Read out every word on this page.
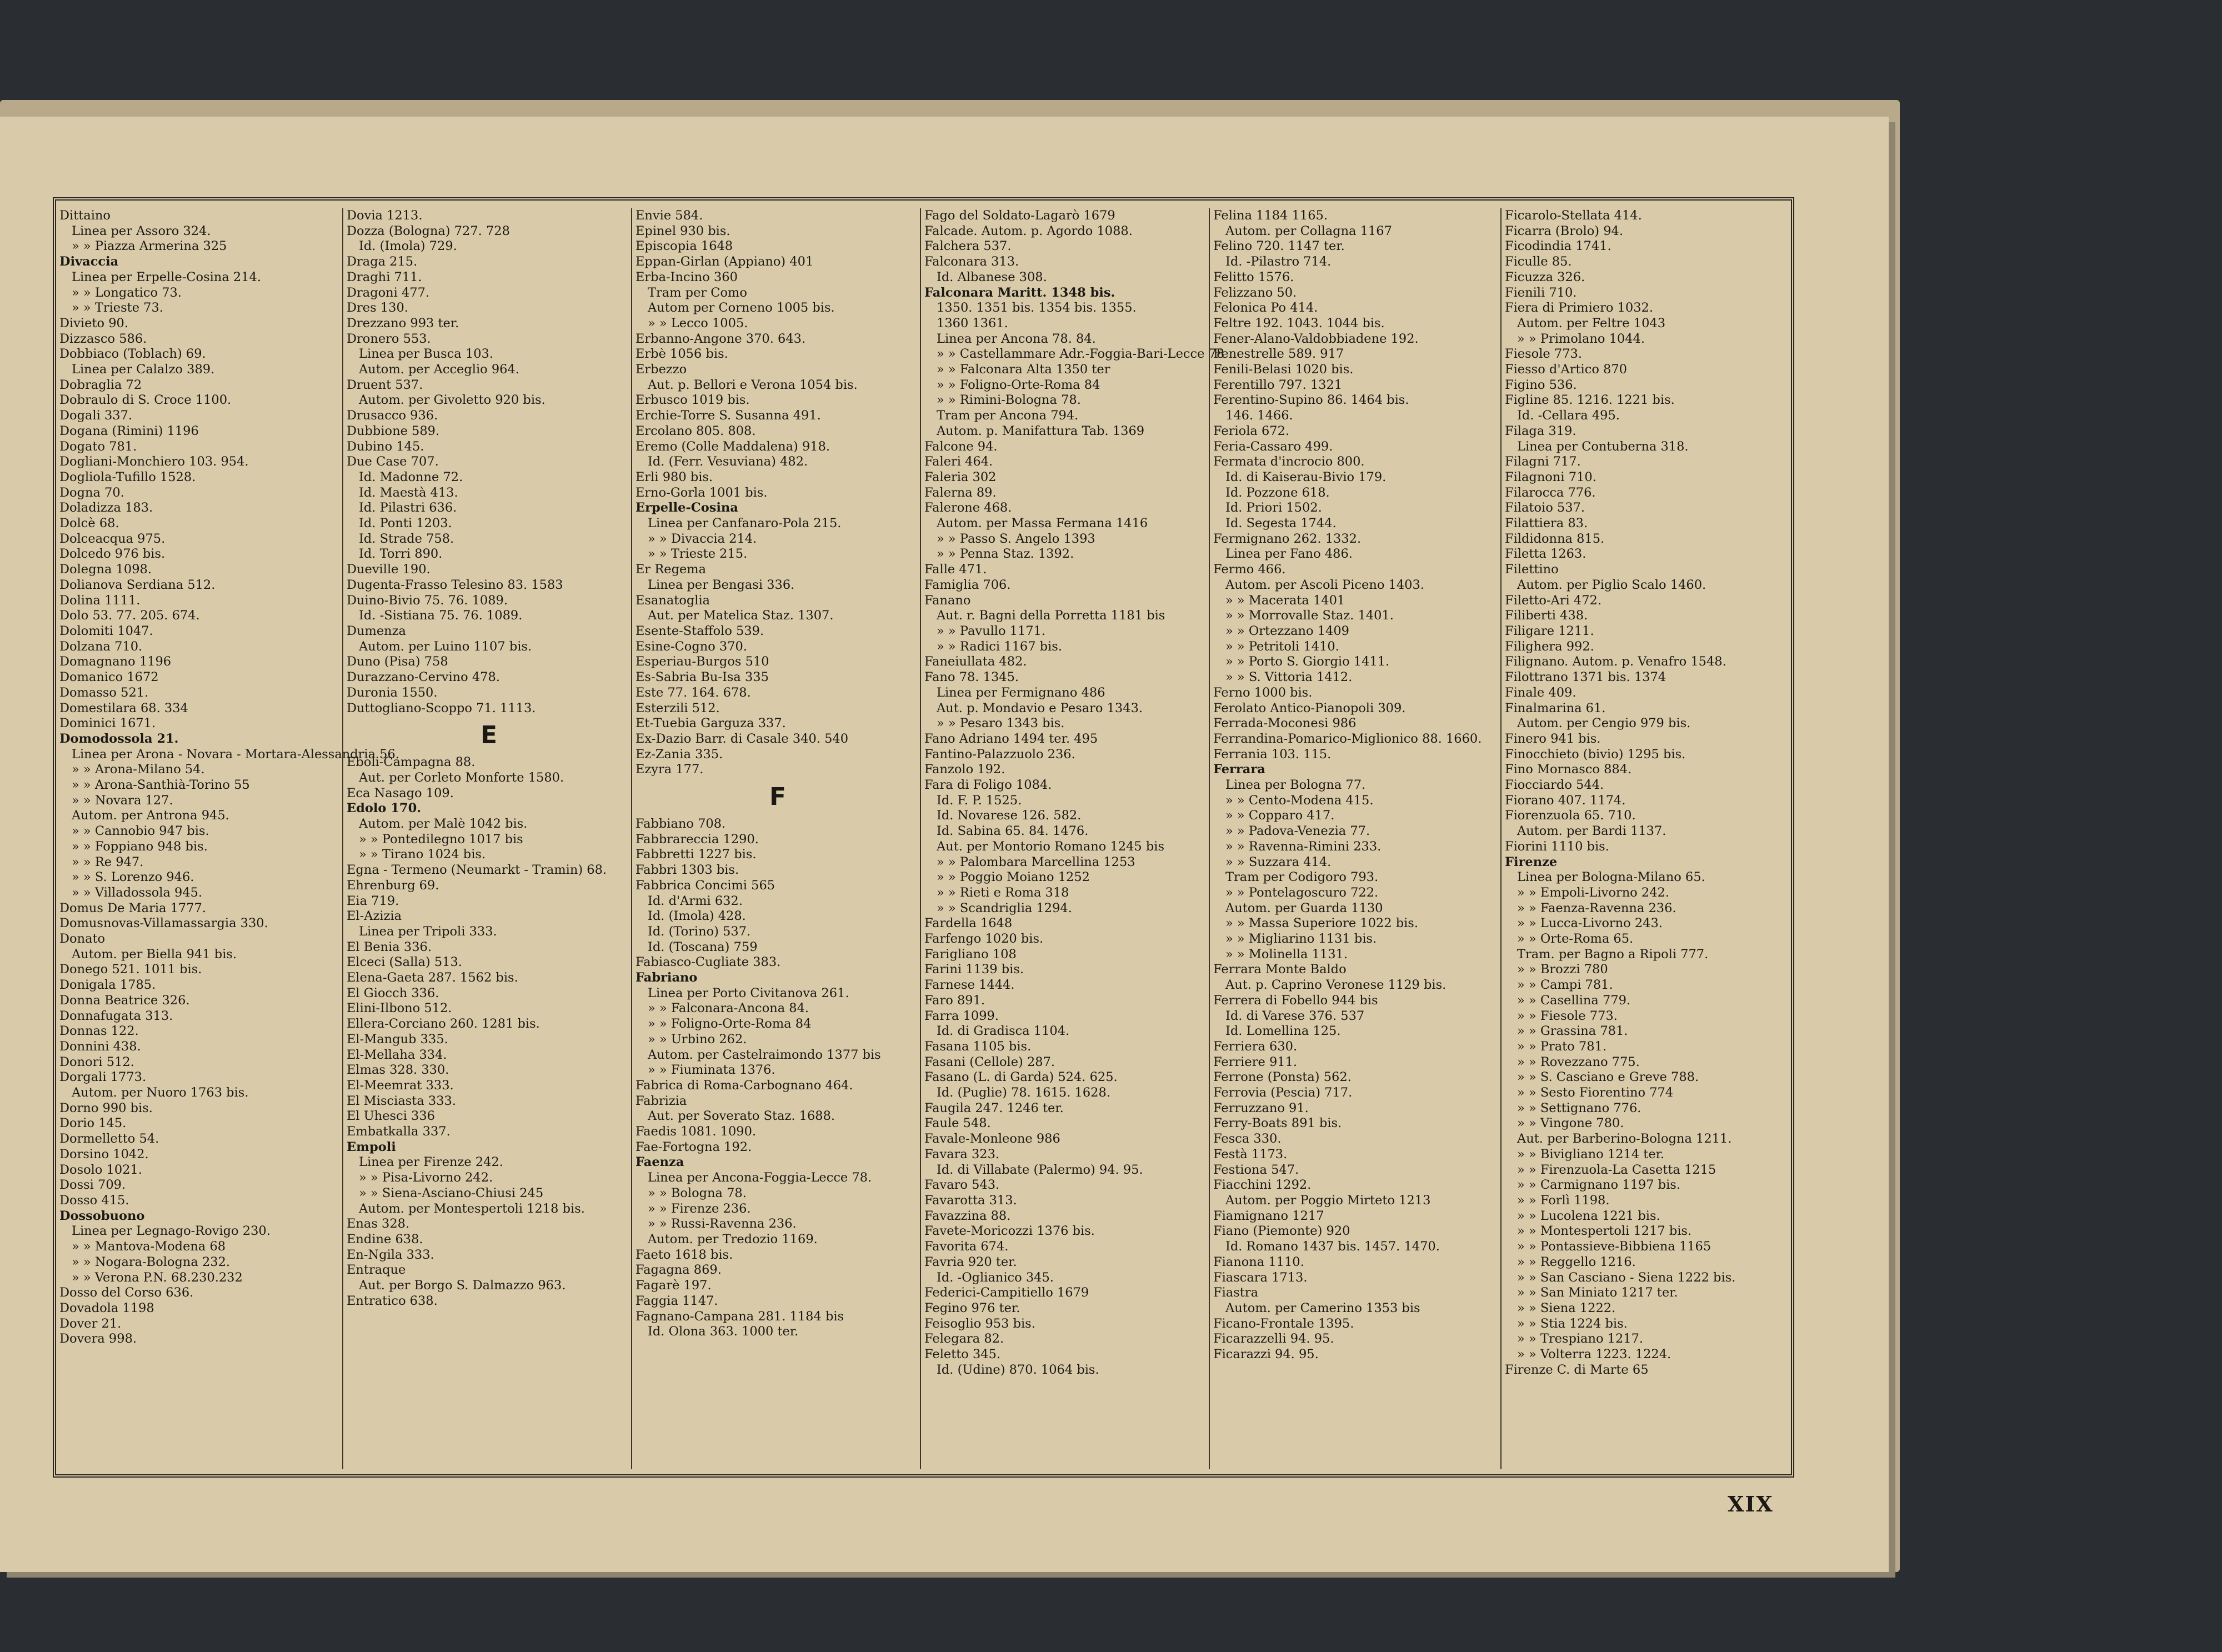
Dittaino
Linea per Assoro 324.
» » Piazza Armerina 325
Divaccia
Linea per Erpelle-Cosina 214.
» » Longatico 73.
» » Trieste 73.
Divieto 90.
Dizzasco 586.
Dobbiaco (Toblach) 69.
Linea per Calalzo 389.
Dobraglia 72
Dobraulo di S. Croce 1100.
Dogali 337.
Dogana (Rimini) 1196
Dogato 781.
Dogliani-Monchiero 103. 954.
Dogliola-Tufillo 1528.
Dogna 70.
Doladizza 183.
Dolcè 68.
Dolceacqua 975.
Dolcedo 976 bis.
Dolegna 1098.
Dolianova Serdiana 512.
Dolina 1111.
Dolo 53. 77. 205. 674.
Dolomiti 1047.
Dolzana 710.
Domagnano 1196
Domanico 1672
Domasso 521.
Domestilara 68. 334
Dominici 1671.
Domodossola 21.
Linea per Arona - Novara - Mortara-Alessandria 56.
» » Arona-Milano 54.
» » Arona-Santhià-Torino 55
» » Novara 127.
Autom. per Antrona 945.
» » Cannobio 947 bis.
» » Foppiano 948 bis.
» » Re 947.
» » S. Lorenzo 946.
» » Villadossola 945.
Domus De Maria 1777.
Domusnovas-Villamassargia 330.
Donato
Autom. per Biella 941 bis.
Donego 521. 1011 bis.
Donigala 1785.
Donna Beatrice 326.
Donnafugata 313.
Donnas 122.
Donnini 438.
Donori 512.
Dorgali 1773.
Autom. per Nuoro 1763 bis.
Dorno 990 bis.
Dorio 145.
Dormelletto 54.
Dorsino 1042.
Dosolo 1021.
Dossi 709.
Dosso 415.
Dossobuono
Linea per Legnago-Rovigo 230.
» » Mantova-Modena 68
» » Nogara-Bologna 232.
» » Verona P.N. 68.230.232
Dosso del Corso 636.
Dovadola 1198
Dover 21.
Dovera 998.
Dovia 1213.
Dozza (Bologna) 727. 728
Id. (Imola) 729.
Draga 215.
Draghi 711.
Dragoni 477.
Dres 130.
Drezzano 993 ter.
Dronero 553.
Linea per Busca 103.
Autom. per Acceglio 964.
Druent 537.
Autom. per Givoletto 920 bis.
Drusacco 936.
Dubbione 589.
Dubino 145.
Due Case 707.
Id. Madonne 72.
Id. Maestà 413.
Id. Pilastri 636.
Id. Ponti 1203.
Id. Strade 758.
Id. Torri 890.
Dueville 190.
Dugenta-Frasso Telesino 83. 1583
Duino-Bivio 75. 76. 1089.
Id. -Sistiana 75. 76. 1089.
Dumenza
Autom. per Luino 1107 bis.
Duno (Pisa) 758
Durazzano-Cervino 478.
Duronia 1550.
Duttogliano-Scoppo 71. 1113.
E
Eboli-Campagna 88.
Aut. per Corleto Monforte 1580.
Eca Nasago 109.
Edolo 170.
Autom. per Malè 1042 bis.
» » Pontedilegno 1017 bis
» » Tirano 1024 bis.
Egna - Termeno (Neumarkt - Tramin) 68.
Ehrenburg 69.
Eia 719.
El-Azizia
Linea per Tripoli 333.
El Benia 336.
Elceci (Salla) 513.
Elena-Gaeta 287. 1562 bis.
El Giocch 336.
Elini-Ilbono 512.
Ellera-Corciano 260. 1281 bis.
El-Mangub 335.
El-Mellaha 334.
Elmas 328. 330.
El-Meemrat 333.
El Misciasta 333.
El Uhesci 336
Embatkalla 337.
Empoli
Linea per Firenze 242.
» » Pisa-Livorno 242.
» » Siena-Asciano-Chiusi 245
Autom. per Montespertoli 1218 bis.
Enas 328.
Endine 638.
En-Ngila 333.
Entraque
Aut. per Borgo S. Dalmazzo 963.
Entratico 638.
Envie 584.
Epinel 930 bis.
Episcopia 1648
Eppan-Girlan (Appiano) 401
Erba-Incino 360
Tram per Como
Autom per Corneno 1005 bis.
» » Lecco 1005.
Erbanno-Angone 370. 643.
Erbè 1056 bis.
Erbezzo
Aut. p. Bellori e Verona 1054 bis.
Erbusco 1019 bis.
Erchie-Torre S. Susanna 491.
Ercolano 805. 808.
Eremo (Colle Maddalena) 918.
Id. (Ferr. Vesuviana) 482.
Erli 980 bis.
Erno-Gorla 1001 bis.
Erpelle-Cosina
Linea per Canfanaro-Pola 215.
» » Divaccia 214.
» » Trieste 215.
Er Regema
Linea per Bengasi 336.
Esanatoglia
Aut. per Matelica Staz. 1307.
Esente-Staffolo 539.
Esine-Cogno 370.
Esperiau-Burgos 510
Es-Sabria Bu-Isa 335
Este 77. 164. 678.
Esterzili 512.
Et-Tuebia Garguza 337.
Ex-Dazio Barr. di Casale 340. 540
Ez-Zania 335.
Ezyra 177.
F
Fabbiano 708.
Fabbrareccia 1290.
Fabbretti 1227 bis.
Fabbri 1303 bis.
Fabbrica Concimi 565
Id. d'Armi 632.
Id. (Imola) 428.
Id. (Torino) 537.
Id. (Toscana) 759
Fabiasco-Cugliate 383.
Fabriano
Linea per Porto Civitanova 261.
» » Falconara-Ancona 84.
» » Foligno-Orte-Roma 84
» » Urbino 262.
Autom. per Castelraimondo 1377 bis
» » Fiuminata 1376.
Fabrica di Roma-Carbognano 464.
Fabrizia
Aut. per Soverato Staz. 1688.
Faedis 1081. 1090.
Fae-Fortogna 192.
Faenza
Linea per Ancona-Foggia-Lecce 78.
» » Bologna 78.
» » Firenze 236.
» » Russi-Ravenna 236.
Autom. per Tredozio 1169.
Faeto 1618 bis.
Fagagna 869.
Fagarè 197.
Faggia 1147.
Fagnano-Campana 281. 1184 bis
Id. Olona 363. 1000 ter.
Fago del Soldato-Lagarò 1679
Falcade. Autom. p. Agordo 1088.
Falchera 537.
Falconara 313.
Id. Albanese 308.
Falconara Maritt. 1348 bis.
1350. 1351 bis. 1354 bis. 1355.
1360 1361.
Linea per Ancona 78. 84.
» » Castellammare Adr.-Foggia-Bari-Lecce 78
» » Falconara Alta 1350 ter
» » Foligno-Orte-Roma 84
» » Rimini-Bologna 78.
Tram per Ancona 794.
Autom. p. Manifattura Tab. 1369
Falcone 94.
Faleri 464.
Faleria 302
Falerna 89.
Falerone 468.
Autom. per Massa Fermana 1416
» » Passo S. Angelo 1393
» » Penna Staz. 1392.
Falle 471.
Famiglia 706.
Fanano
Aut. r. Bagni della Porretta 1181 bis
» » Pavullo 1171.
» » Radici 1167 bis.
Faneiullata 482.
Fano 78. 1345.
Linea per Fermignano 486
Aut. p. Mondavio e Pesaro 1343.
» » Pesaro 1343 bis.
Fano Adriano 1494 ter. 495
Fantino-Palazzuolo 236.
Fanzolo 192.
Fara di Foligo 1084.
Id. F. P. 1525.
Id. Novarese 126. 582.
Id. Sabina 65. 84. 1476.
Aut. per Montorio Romano 1245 bis
» » Palombara Marcellina 1253
» » Poggio Moiano 1252
» » Rieti e Roma 318
» » Scandriglia 1294.
Fardella 1648
Farfengo 1020 bis.
Farigliano 108
Farini 1139 bis.
Farnese 1444.
Faro 891.
Farra 1099.
Id. di Gradisca 1104.
Fasana 1105 bis.
Fasani (Cellole) 287.
Fasano (L. di Garda) 524. 625.
Id. (Puglie) 78. 1615. 1628.
Faugila 247. 1246 ter.
Faule 548.
Favale-Monleone 986
Favara 323.
Id. di Villabate (Palermo) 94. 95.
Favaro 543.
Favarotta 313.
Favazzina 88.
Favete-Moricozzi 1376 bis.
Favorita 674.
Favria 920 ter.
Id. -Oglianico 345.
Federici-Campitiello 1679
Fegino 976 ter.
Feisoglio 953 bis.
Felegara 82.
Feletto 345.
Id. (Udine) 870. 1064 bis.
Felina 1184 1165.
Autom. per Collagna 1167
Felino 720. 1147 ter.
Id. -Pilastro 714.
Felitto 1576.
Felizzano 50.
Felonica Po 414.
Feltre 192. 1043. 1044 bis.
Fener-Alano-Valdobbiadene 192.
Fenestrelle 589. 917
Fenili-Belasi 1020 bis.
Ferentillo 797. 1321
Ferentino-Supino 86. 1464 bis.
146. 1466.
Feriola 672.
Feria-Cassaro 499.
Fermata d'incrocio 800.
Id. di Kaiserau-Bivio 179.
Id. Pozzone 618.
Id. Priori 1502.
Id. Segesta 1744.
Fermignano 262. 1332.
Linea per Fano 486.
Fermo 466.
Autom. per Ascoli Piceno 1403.
» » Macerata 1401
» » Morrovalle Staz. 1401.
» » Ortezzano 1409
» » Petritoli 1410.
» » Porto S. Giorgio 1411.
» » S. Vittoria 1412.
Ferno 1000 bis.
Ferolato Antico-Pianopoli 309.
Ferrada-Moconesi 986
Ferrandina-Pomarico-Miglionico 88. 1660.
Ferrania 103. 115.
Ferrara
Linea per Bologna 77.
» » Cento-Modena 415.
» » Copparo 417.
» » Padova-Venezia 77.
» » Ravenna-Rimini 233.
» » Suzzara 414.
Tram per Codigoro 793.
» » Pontelagoscuro 722.
Autom. per Guarda 1130
» » Massa Superiore 1022 bis.
» » Migliarino 1131 bis.
» » Molinella 1131.
Ferrara Monte Baldo
Aut. p. Caprino Veronese 1129 bis.
Ferrera di Fobello 944 bis
Id. di Varese 376. 537
Id. Lomellina 125.
Ferriera 630.
Ferriere 911.
Ferrone (Ponsta) 562.
Ferrovia (Pescia) 717.
Ferruzzano 91.
Ferry-Boats 891 bis.
Fesca 330.
Festà 1173.
Festiona 547.
Fiacchini 1292.
Autom. per Poggio Mirteto 1213
Fiamignano 1217
Fiano (Piemonte) 920
Id. Romano 1437 bis. 1457. 1470.
Fianona 1110.
Fiascara 1713.
Fiastra
Autom. per Camerino 1353 bis
Ficano-Frontale 1395.
Ficarazzelli 94. 95.
Ficarazzi 94. 95.
Ficarolo-Stellata 414.
Ficarra (Brolo) 94.
Ficodindia 1741.
Ficulle 85.
Ficuzza 326.
Fienili 710.
Fiera di Primiero 1032.
Autom. per Feltre 1043
» » Primolano 1044.
Fiesole 773.
Fiesso d'Artico 870
Figino 536.
Figline 85. 1216. 1221 bis.
Id. -Cellara 495.
Filaga 319.
Linea per Contuberna 318.
Filagni 717.
Filagnoni 710.
Filarocca 776.
Filatoio 537.
Filattiera 83.
Fildidonna 815.
Filetta 1263.
Filettino
Autom. per Piglio Scalo 1460.
Filetto-Ari 472.
Filiberti 438.
Filigare 1211.
Filighera 992.
Filignano. Autom. p. Venafro 1548.
Filottrano 1371 bis. 1374
Finale 409.
Finalmarina 61.
Autom. per Cengio 979 bis.
Finero 941 bis.
Finocchieto (bivio) 1295 bis.
Fino Mornasco 884.
Fiocciardo 544.
Fiorano 407. 1174.
Fiorenzuola 65. 710.
Autom. per Bardi 1137.
Fiorini 1110 bis.
Firenze
Linea per Bologna-Milano 65.
» » Empoli-Livorno 242.
» » Faenza-Ravenna 236.
» » Lucca-Livorno 243.
» » Orte-Roma 65.
Tram. per Bagno a Ripoli 777.
» » Brozzi 780
» » Campi 781.
» » Casellina 779.
» » Fiesole 773.
» » Grassina 781.
» » Prato 781.
» » Rovezzano 775.
» » S. Casciano e Greve 788.
» » Sesto Fiorentino 774
» » Settignano 776.
» » Vingone 780.
Aut. per Barberino-Bologna 1211.
» » Bivigliano 1214 ter.
» » Firenzuola-La Casetta 1215
» » Carmignano 1197 bis.
» » Forlì 1198.
» » Lucolena 1221 bis.
» » Montespertoli 1217 bis.
» » Pontassieve-Bibbiena 1165
» » Reggello 1216.
» » San Casciano - Siena 1222 bis.
» » San Miniato 1217 ter.
» » Siena 1222.
» » Stia 1224 bis.
» » Trespiano 1217.
» » Volterra 1223. 1224.
Firenze C. di Marte 65
XIX
